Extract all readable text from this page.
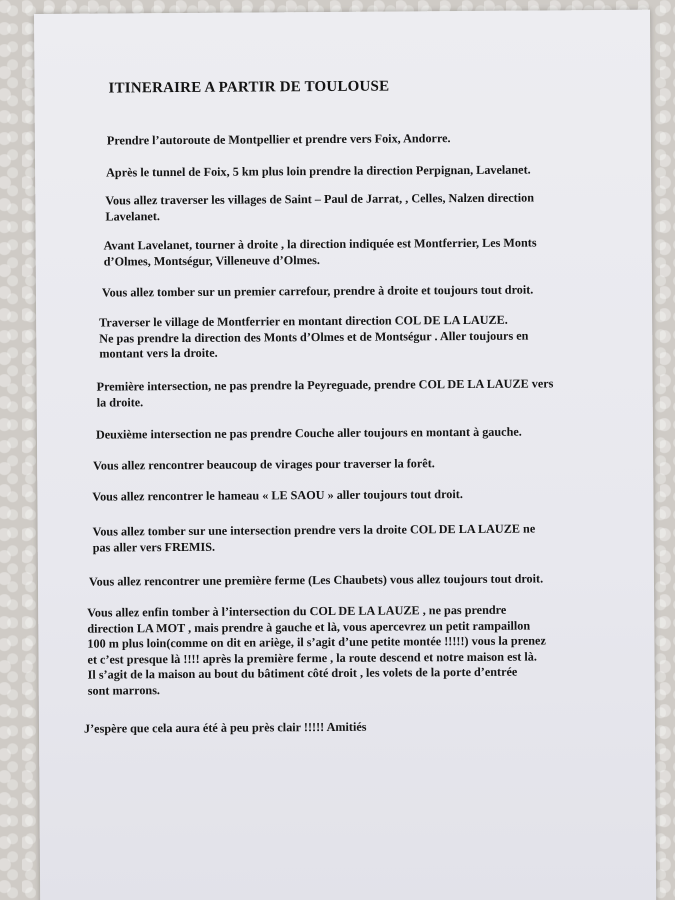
ITINERAIRE A PARTIR DE TOULOUSE
Prendre l’autoroute de Montpellier et prendre vers Foix, Andorre.
Après le tunnel de Foix, 5 km plus loin prendre la direction Perpignan, Lavelanet.
Vous allez traverser les villages de Saint – Paul de Jarrat, , Celles, Nalzen direction
Lavelanet.
Avant Lavelanet, tourner à droite , la direction indiquée est Montferrier, Les Monts
d’Olmes, Montségur, Villeneuve d’Olmes.
Vous allez tomber sur un premier carrefour, prendre à droite et toujours tout droit.
Traverser le village de Montferrier en montant direction COL DE LA LAUZE.
Ne pas prendre la direction des Monts d’Olmes et de Montségur . Aller toujours en
montant vers la droite.
Première intersection, ne pas prendre la Peyreguade, prendre COL DE LA LAUZE vers
la droite.
Deuxième intersection ne pas prendre Couche aller toujours en montant à gauche.
Vous allez rencontrer beaucoup de virages pour traverser la forêt.
Vous allez rencontrer le hameau « LE SAOU » aller toujours tout droit.
Vous allez tomber sur une intersection prendre vers la droite COL DE LA LAUZE ne
pas aller vers FREMIS.
Vous allez rencontrer une première ferme (Les Chaubets) vous allez toujours tout droit.
Vous allez enfin tomber à l’intersection du COL DE LA LAUZE , ne pas prendre
direction LA MOT , mais prendre à gauche et là, vous apercevrez un petit rampaillon
100 m plus loin(comme on dit en ariège, il s’agit d’une petite montée !!!!!) vous la prenez
et c’est presque là !!!! après la première ferme , la route descend et notre maison est là.
Il s’agit de la maison au bout du bâtiment côté droit , les volets de la porte d’entrée
sont marrons.
J’espère que cela aura été à peu près clair !!!!! Amitiés
